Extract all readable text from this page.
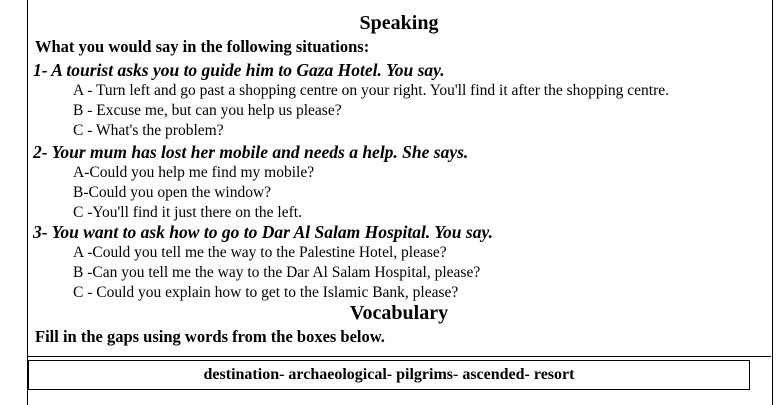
Speaking
What you would say in the following situations:
1- A tourist asks you to guide him to Gaza Hotel. You say.
A - Turn left and go past a shopping centre on your right. You'll find it after the shopping centre.
B - Excuse me, but can you help us please?
C - What's the problem?
2- Your mum has lost her mobile and needs a help. She says.
A-Could you help me find my mobile?
B-Could you open the window?
C -You'll find it just there on the left.
3- You want to ask how to go to Dar Al Salam Hospital. You say.
A -Could you tell me the way to the Palestine Hotel, please?
B -Can you tell me the way to the Dar Al Salam Hospital, please?
C - Could you explain how to get to the Islamic Bank, please?
Vocabulary
Fill in the gaps using words from the boxes below.
destination- archaeological- pilgrims- ascended- resort
